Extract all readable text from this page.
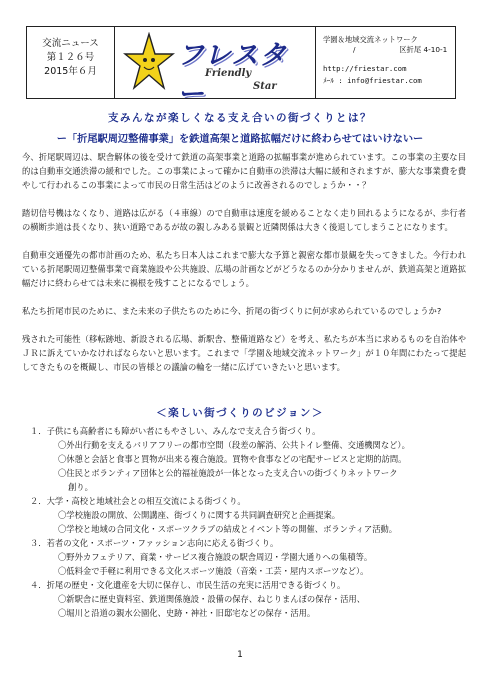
交流ニュース
第１２６号
2015年６月
フレスター
Friendly
Star
学園＆地域交流ネットワーク
/　　　　　　区折尾 4-10-1
http://friestar.com
ﾒｰﾙ : info@friestar.com
支みんなが楽しくなる支え合いの街づくりとは？
ー「折尾駅周辺整備事業」を鉄道高架と道路拡幅だけに終わらせてはいけないー
今、折尾駅周辺は、駅舎解体の後を受けて鉄道の高架事業と道路の拡幅事業が進められています。この事業の主要な目的は自動車交通渋滞の緩和でした。この事業によって確かに自動車の渋滞は大幅に緩和されますが、膨大な事業費を費やして行われるこの事業によって市民の日常生活はどのように改善されるのでしょうか・・？
踏切信号機はなくなり、道路は広がる（４車線）ので自動車は速度を緩めることなく走り回れるようになるが、歩行者の横断歩道は長くなり、狭い道路であるが故の親しみある景観と近隣関係は大きく後退してしまうことになります。
自動車交通優先の都市計画のため、私たち日本人はこれまで膨大な予算と親密な都市景観を失ってきました。今行われている折尾駅周辺整備事業で商業施設や公共施設、広場の計画などがどうなるのか分かりませんが、鉄道高架と道路拡幅だけに終わらせては未来に禍根を残すことになるでしょう。
私たち折尾市民のために、また未来の子供たちのために今、折尾の街づくりに何が求められているのでしょうか?
残された可能性（移転跡地、新設される広場、新駅舎、整備道路など）を考え、私たちが本当に求めるものを自治体やＪＲに訴えていかなければならないと思います。これまで「学園＆地域交流ネットワーク」が１０年間にわたって提起してきたものを概観し、市民の皆様との議論の輪を一緒に広げていきたいと思います。
＜楽しい街づくりのビジョン＞
１．子供にも高齢者にも障がい者にもやさしい、みんなで支え合う街づくり。
〇外出行動を支えるバリアフリーの都市空間（段差の解消、公共トイレ整備、交通機関など）。
〇休憩と会話と食事と買物が出来る複合施設。買物や食事などの宅配サービスと定期的訪問。
〇住民とボランティア団体と公的福祉施設が一体となった支え合いの街づくりネットワーク
創り。
２．大学・高校と地域社会との相互交流による街づくり。
〇学校施設の開放、公開講座、街づくりに関する共同調査研究と企画提案。
〇学校と地域の合同文化・スポーツクラブの結成とイベント等の開催、ボランティア活動。
３．若者の文化・スポーツ・ファッション志向に応える街づくり。
〇野外カフェテリア、商業・サービス複合施設の駅舎周辺・学園大通りへの集積等。
〇低料金で手軽に利用できる文化スポーツ施設（音楽・工芸・屋内スポーツなど）。
４．折尾の歴史・文化遺産を大切に保存し、市民生活の充実に活用できる街づくり。
〇新駅舎に歴史資料室、鉄道関係施設・設備の保存、ねじりまんぽの保存・活用、
〇堀川と沿道の親水公園化、史跡・神社・旧邸宅などの保存・活用。
1
